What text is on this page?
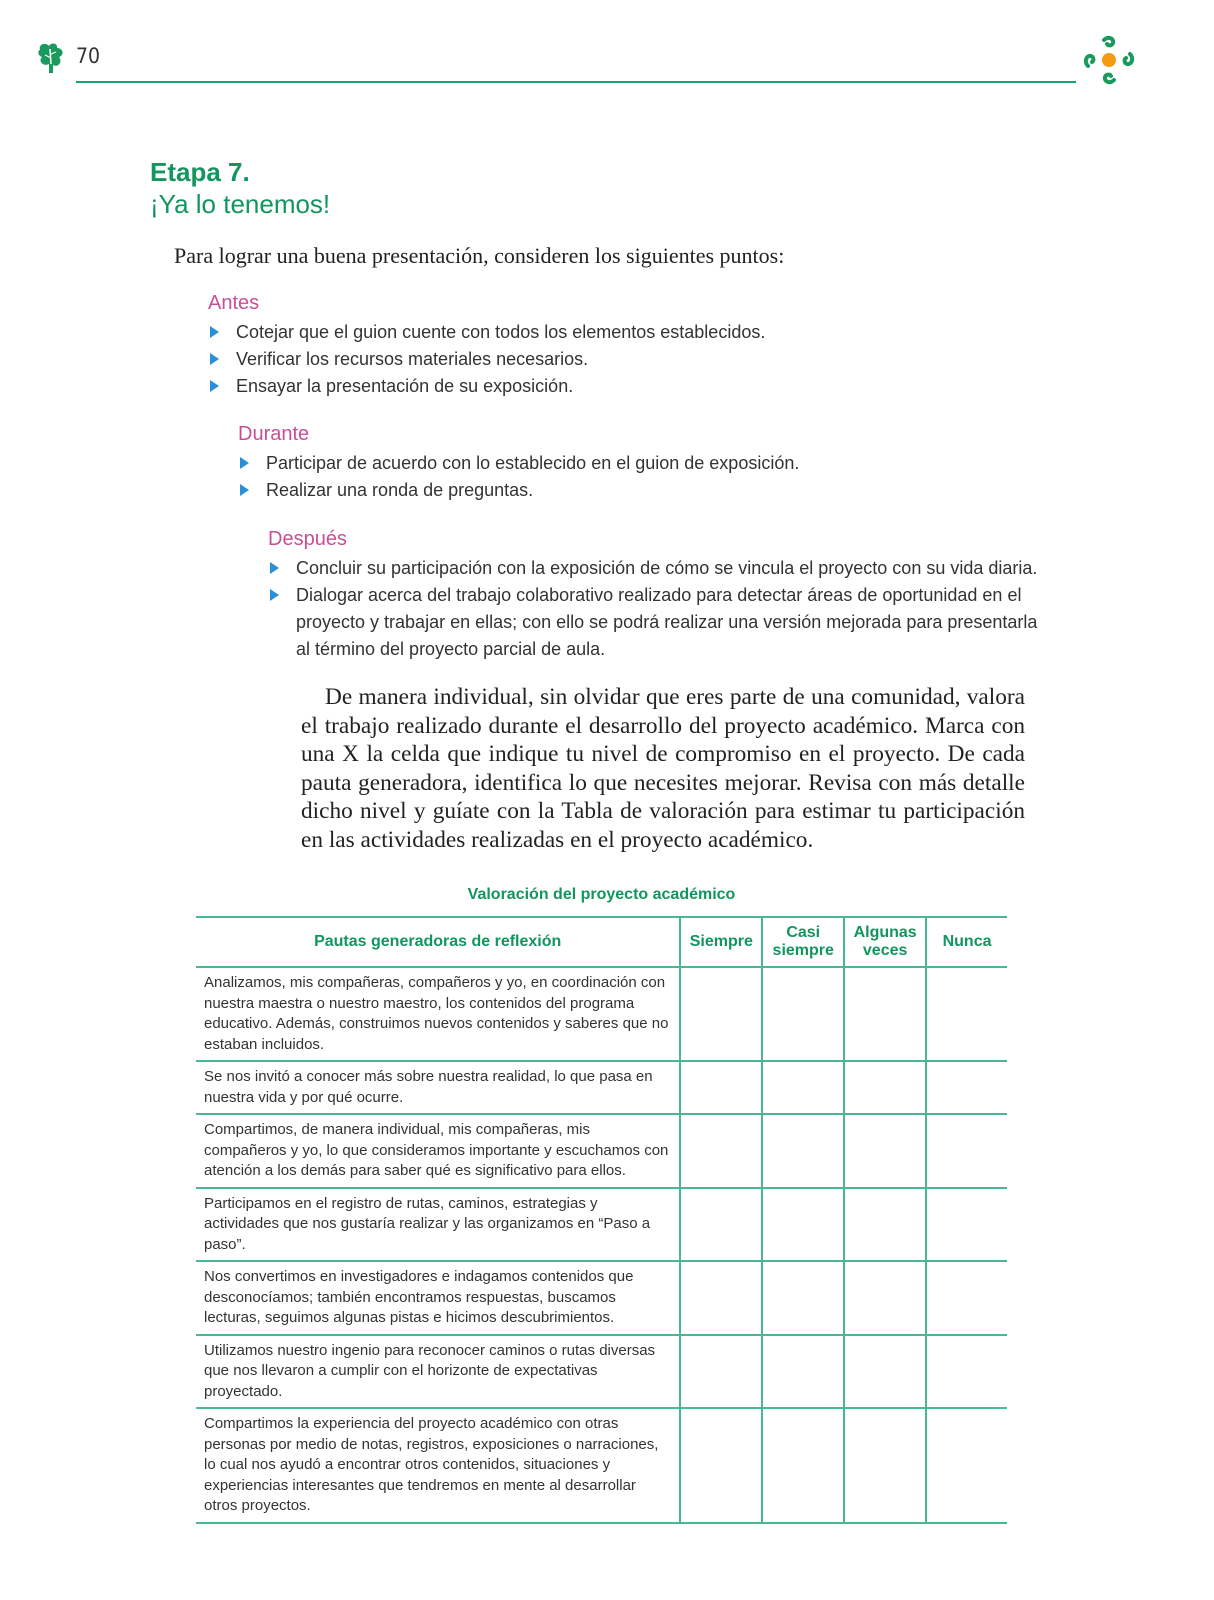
70
Etapa 7.
¡Ya lo tenemos!
Para lograr una buena presentación, consideren los siguientes puntos:
Antes
Cotejar que el guion cuente con todos los elementos establecidos.
Verificar los recursos materiales necesarios.
Ensayar la presentación de su exposición.
Durante
Participar de acuerdo con lo establecido en el guion de exposición.
Realizar una ronda de preguntas.
Después
Concluir su participación con la exposición de cómo se vincula el proyecto con su vida diaria.
Dialogar acerca del trabajo colaborativo realizado para detectar áreas de oportunidad en el proyecto y trabajar en ellas; con ello se podrá realizar una versión mejorada para presentarla al término del proyecto parcial de aula.

De manera individual, sin olvidar que eres parte de una comunidad, valora el trabajo realizado durante el desarrollo del proyecto académico. Marca con una X la celda que indique tu nivel de compromiso en el proyecto. De cada pauta generadora, identifica lo que necesites mejorar. Revisa con más detalle dicho nivel y guíate con la Tabla de valoración para estimar tu participación en las actividades realizadas en el proyecto académico.

Valoración del proyecto académico
Pautas generadoras de reflexión	Siempre	Casi siempre	Algunas veces	Nunca
Analizamos, mis compañeras, compañeros y yo, en coordinación con nuestra maestra o nuestro maestro, los contenidos del programa educativo. Además, construimos nuevos contenidos y saberes que no estaban incluidos.				
Se nos invitó a conocer más sobre nuestra realidad, lo que pasa en nuestra vida y por qué ocurre.				
Compartimos, de manera individual, mis compañeras, mis compañeros y yo, lo que consideramos importante y escuchamos con atención a los demás para saber qué es significativo para ellos.				
Participamos en el registro de rutas, caminos, estrategias y actividades que nos gustaría realizar y las organizamos en “Paso a paso”.				
Nos convertimos en investigadores e indagamos contenidos que desconocíamos; también encontramos respuestas, buscamos lecturas, seguimos algunas pistas e hicimos descubrimientos.				
Utilizamos nuestro ingenio para reconocer caminos o rutas diversas que nos llevaron a cumplir con el horizonte de expectativas proyectado.				
Compartimos la experiencia del proyecto académico con otras personas por medio de notas, registros, exposiciones o narraciones, lo cual nos ayudó a encontrar otros contenidos, situaciones y experiencias interesantes que tendremos en mente al desarrollar otros proyectos.				
